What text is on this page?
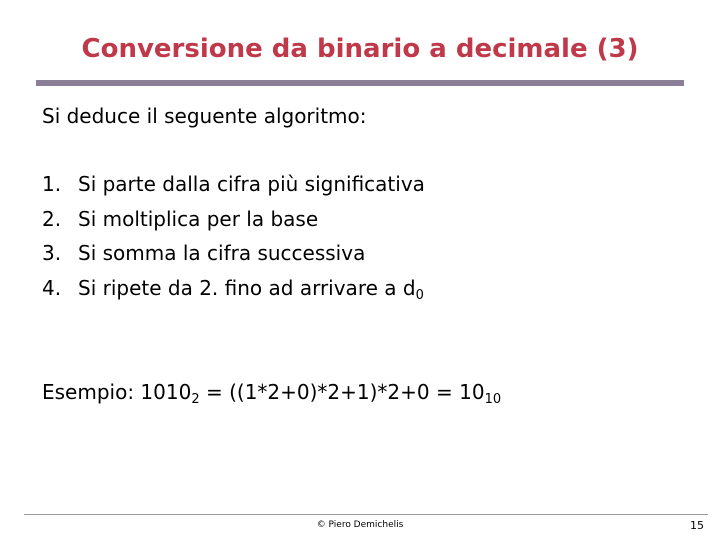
Conversione da binario a decimale (3)
Si deduce il seguente algoritmo:
1. Si parte dalla cifra più significativa
2. Si moltiplica per la base
3. Si somma la cifra successiva
4. Si ripete da 2. fino ad arrivare a $d_0$
Esempio: $1010_2 = ((1*2+0)*2+1)*2+0 = 10_{10}$
© Piero Demichelis	15
